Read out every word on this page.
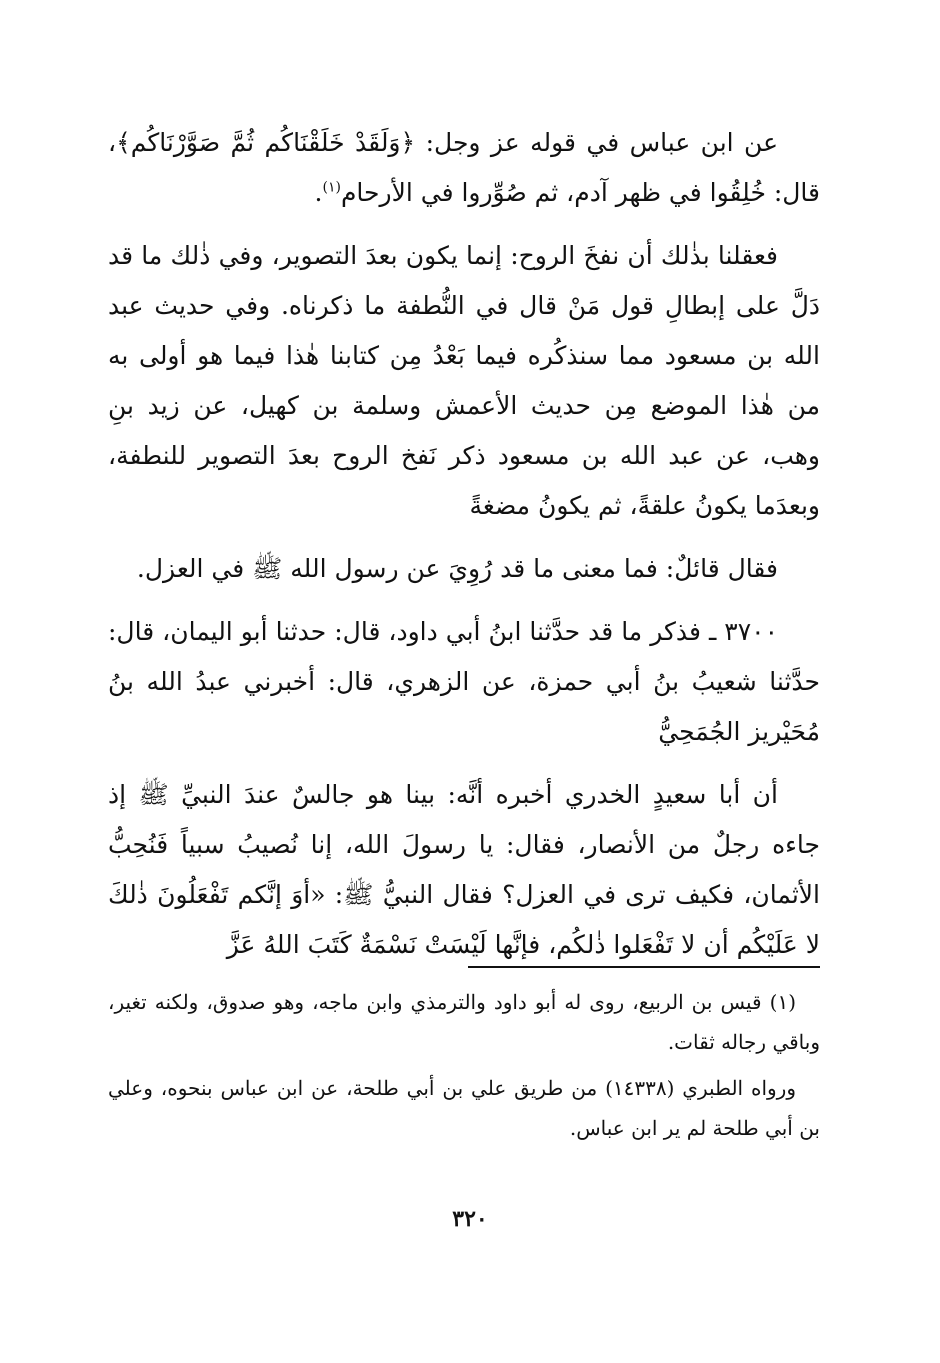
عن ابن عباس في قوله عز وجل: ﴿وَلَقَدْ خَلَقْنَاكُم ثُمَّ صَوَّرْنَاكُم﴾، قال: خُلِقُوا في ظهر آدم، ثم صُوِّروا في الأرحام$^{(١)}$.

فعقلنا بذٰلك أن نفخَ الروح: إنما يكون بعدَ التصوير، وفي ذٰلك ما قد دَلَّ على إبطالِ قول مَنْ قال في النُّطفة ما ذكرناه. وفي حديث عبد الله بن مسعود مما سنذكُره فيما بَعْدُ مِن كتابنا هٰذا فيما هو أولى به من هٰذا الموضع مِن حديث الأعمش وسلمة بن كهيل، عن زيد بنِ وهب، عن عبد الله بن مسعود ذكر نَفخ الروح بعدَ التصوير للنطفة، وبعدَما يكونُ علقةً، ثم يكونُ مضغةً

فقال قائلٌ: فما معنى ما قد رُوِيَ عن رسول الله ﷺ في العزل.

٣٧٠٠ ـ فذكر ما قد حدَّثنا ابنُ أبي داود، قال: حدثنا أبو اليمان، قال: حدَّثنا شعيبُ بنُ أبي حمزة، عن الزهري، قال: أخبرني عبدُ الله بنُ مُحَيْريز الجُمَحِيُّ

أن أبا سعيدٍ الخدري أخبره أنَّه: بينا هو جالسٌ عندَ النبيِّ ﷺ إذ جاءه رجلٌ من الأنصار، فقال: يا رسولَ الله، إنا نُصيبُ سبياً فَنُحِبُّ الأثمان، فكيف ترى في العزل؟ فقال النبيُّ ﷺ: «أوَ إنَّكم تَفْعَلُونَ ذٰلكَ لا عَلَيْكُم أن لا تَفْعَلوا ذٰلكُم، فإنَّها لَيْسَتْ نَسْمَةٌ كَتَبَ اللهُ عَزَّ

(١) قيس بن الربيع، روى له أبو داود والترمذي وابن ماجه، وهو صدوق، ولكنه تغير، وباقي رجاله ثقات.

ورواه الطبري (١٤٣٣٨) من طريق علي بن أبي طلحة، عن ابن عباس بنحوه، وعلي بن أبي طلحة لم ير ابن عباس.

٣٢٠
